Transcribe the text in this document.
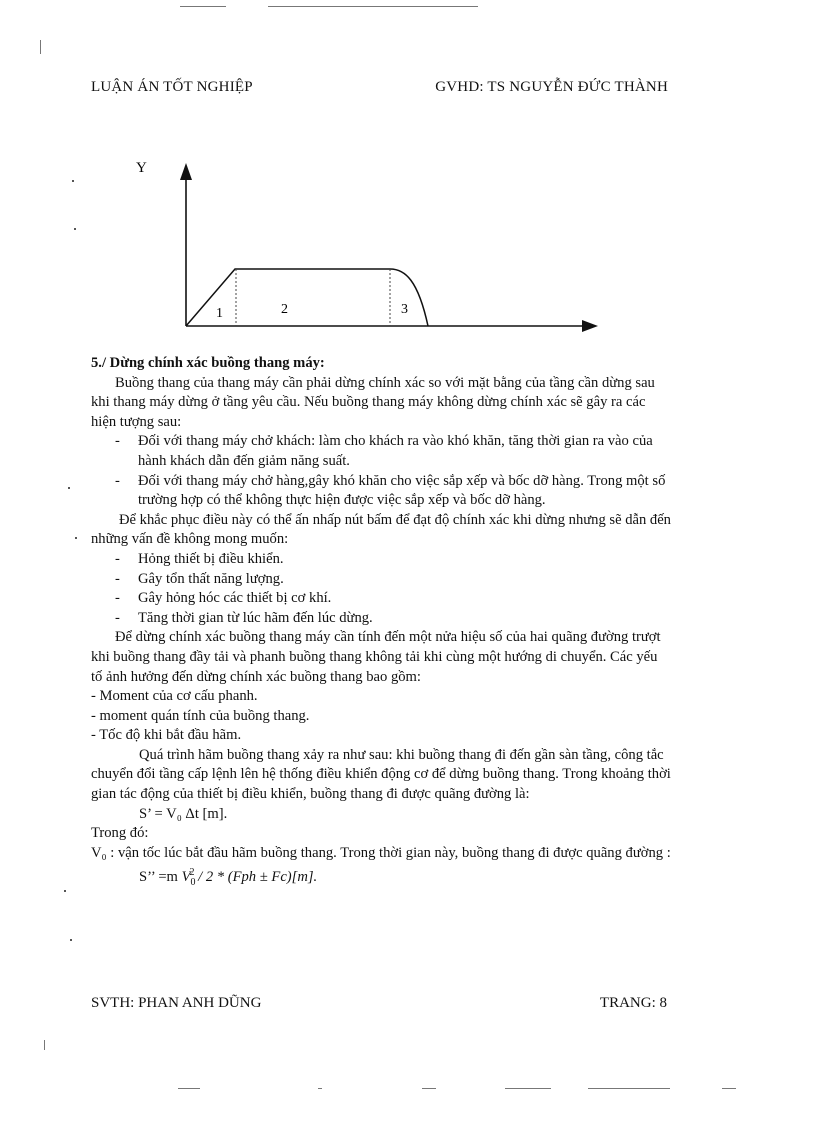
LUẬN ÁN TỐT NGHIỆP	GVHD: TS NGUYỄN ĐỨC THÀNH
Y
1	2	3

5./ Dừng chính xác buồng thang máy:

Buồng thang của thang máy cần phải dừng chính xác so với mặt bằng của tầng cần dừng sau khi thang máy dừng ở tầng yêu cầu. Nếu buồng thang máy không dừng chính xác sẽ gây ra các hiện tượng sau:

- Đối với thang máy chở khách: làm cho khách ra vào khó khăn, tăng thời gian ra vào của hành khách dẫn đến giảm năng suất.
- Đối với thang máy chở hàng,gây khó khăn cho việc sắp xếp và bốc dỡ hàng. Trong một số trường hợp có thể không thực hiện được việc sắp xếp và bốc dỡ hàng.

Để khắc phục điều này có thể ấn nhấp nút bấm để đạt độ chính xác khi dừng nhưng sẽ dẫn đến những vấn đề không mong muốn:

- Hỏng thiết bị điều khiển.
- Gây tổn thất năng lượng.
- Gây hỏng hóc các thiết bị cơ khí.
- Tăng thời gian từ lúc hãm đến lúc dừng.

Để dừng chính xác buồng thang máy cần tính đến một nửa hiệu số của hai quãng đường trượt khi buồng thang đầy tải và phanh buồng thang không tải khi cùng một hướng di chuyển. Các yếu tố ảnh hưởng đến dừng chính xác buồng thang bao gồm:

- Moment của cơ cấu phanh.

- moment quán tính của buồng thang.

- Tốc độ khi bắt đầu hãm.

Quá trình hãm buồng thang xảy ra như sau: khi buồng thang đi đến gần sàn tầng, công tắc chuyển đổi tầng cấp lệnh lên hệ thống điều khiển động cơ để dừng buồng thang. Trong khoảng thời gian tác động của thiết bị điều khiển, buồng thang đi được quãng đường là:

S’ = V₀ Δt [m].

Trong đó:

V₀ : vận tốc lúc bắt đầu hãm buồng thang. Trong thời gian này, buồng thang đi được quãng đường :

S’’ =m $V_0^2 / 2 * (Fph \pm Fc)[m]$.

SVTH: PHAN ANH DŨNG	TRANG: 8
